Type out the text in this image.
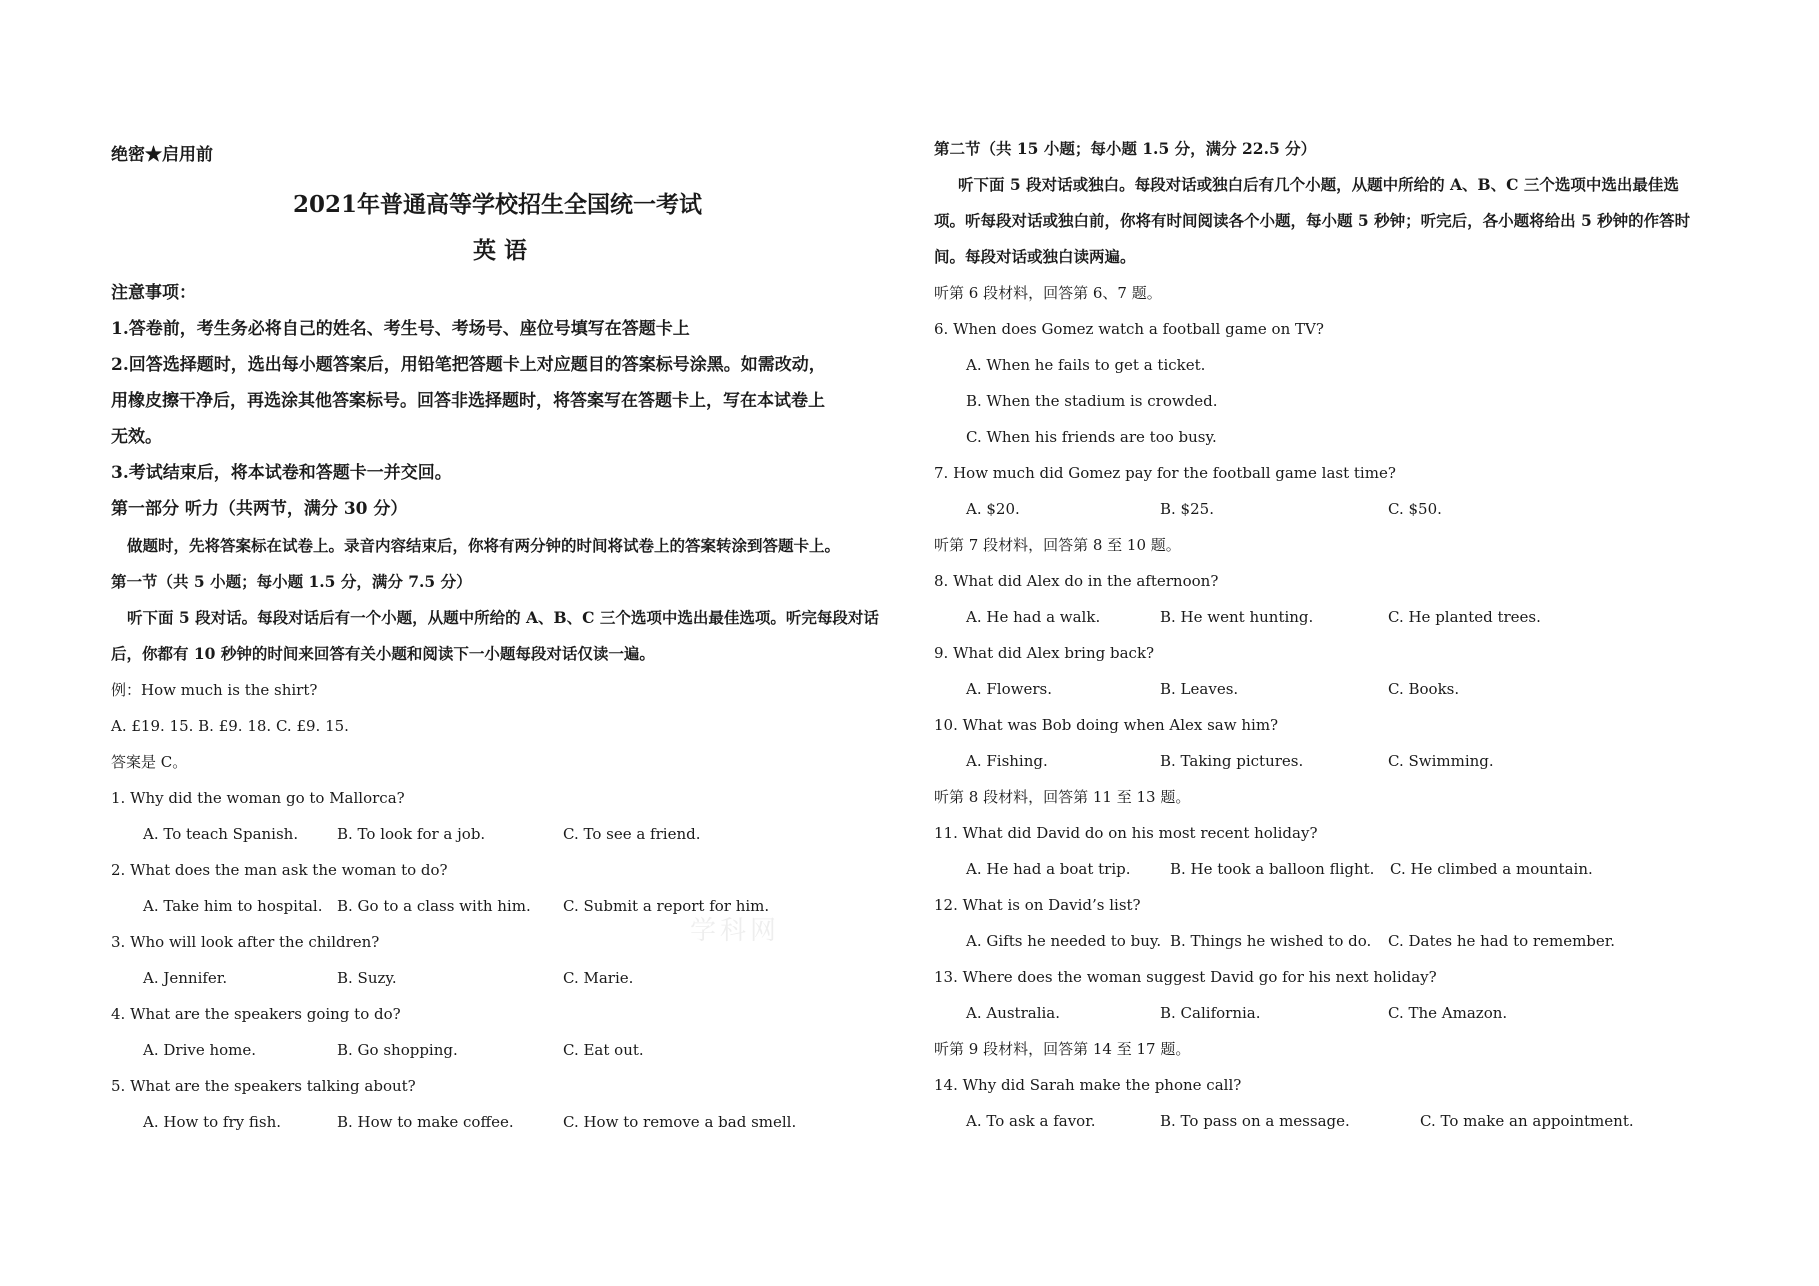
绝密★启用前
2021年普通高等学校招生全国统一考试
英 语
注意事项：
1.答卷前，考生务必将自己的姓名、考生号、考场号、座位号填写在答题卡上
2.回答选择题时，选出每小题答案后，用铅笔把答题卡上对应题目的答案标号涂黑。如需改动，
用橡皮擦干净后，再选涂其他答案标号。回答非选择题时，将答案写在答题卡上，写在本试卷上
无效。
3.考试结束后，将本试卷和答题卡一并交回。
第一部分 听力（共两节，满分 30 分）
做题时，先将答案标在试卷上。录音内容结束后，你将有两分钟的时间将试卷上的答案转涂到答题卡上。
第一节（共 5 小题；每小题 1.5 分，满分 7.5 分）
听下面 5 段对话。每段对话后有一个小题，从题中所给的 A、B、C 三个选项中选出最佳选项。听完每段对话
后，你都有 10 秒钟的时间来回答有关小题和阅读下一小题每段对话仅读一遍。
例：How much is the shirt?
A. £19. 15. B. £9. 18. C. £9. 15.
答案是 C。
1. Why did the woman go to Mallorca?
A. To teach Spanish.	B. To look for a job.	C. To see a friend.
2. What does the man ask the woman to do?
A. Take him to hospital. B. Go to a class with him. C. Submit a report for him.
3. Who will look after the children?
A. Jennifer.	B. Suzy.	C. Marie.
4. What are the speakers going to do?
A. Drive home.	B. Go shopping.	C. Eat out.
5. What are the speakers talking about?
A. How to fry fish.	B. How to make coffee.	C. How to remove a bad smell.
学科网
第二节（共 15 小题；每小题 1.5 分，满分 22.5 分）
听下面 5 段对话或独白。每段对话或独白后有几个小题，从题中所给的 A、B、C 三个选项中选出最佳选
项。听每段对话或独白前，你将有时间阅读各个小题，每小题 5 秒钟；听完后，各小题将给出 5 秒钟的作答时
间。每段对话或独白读两遍。
听第 6 段材料，回答第 6、7 题。
6. When does Gomez watch a football game on TV?
A. When he fails to get a ticket.
B. When the stadium is crowded.
C. When his friends are too busy.
7. How much did Gomez pay for the football game last time?
A. $20.	B. $25.	C. $50.
听第 7 段材料，回答第 8 至 10 题。
8. What did Alex do in the afternoon?
A. He had a walk.	B. He went hunting.	C. He planted trees.
9. What did Alex bring back?
A. Flowers.	B. Leaves.	C. Books.
10. What was Bob doing when Alex saw him?
A. Fishing.	B. Taking pictures.	C. Swimming.
听第 8 段材料，回答第 11 至 13 题。
11. What did David do on his most recent holiday?
A. He had a boat trip.	B. He took a balloon flight. C. He climbed a mountain.
12. What is on David’s list?
A. Gifts he needed to buy. B. Things he wished to do. C. Dates he had to remember.
13. Where does the woman suggest David go for his next holiday?
A. Australia.	B. California.	C. The Amazon.
听第 9 段材料，回答第 14 至 17 题。
14. Why did Sarah make the phone call?
A. To ask a favor.	B. To pass on a message.	C. To make an appointment.
